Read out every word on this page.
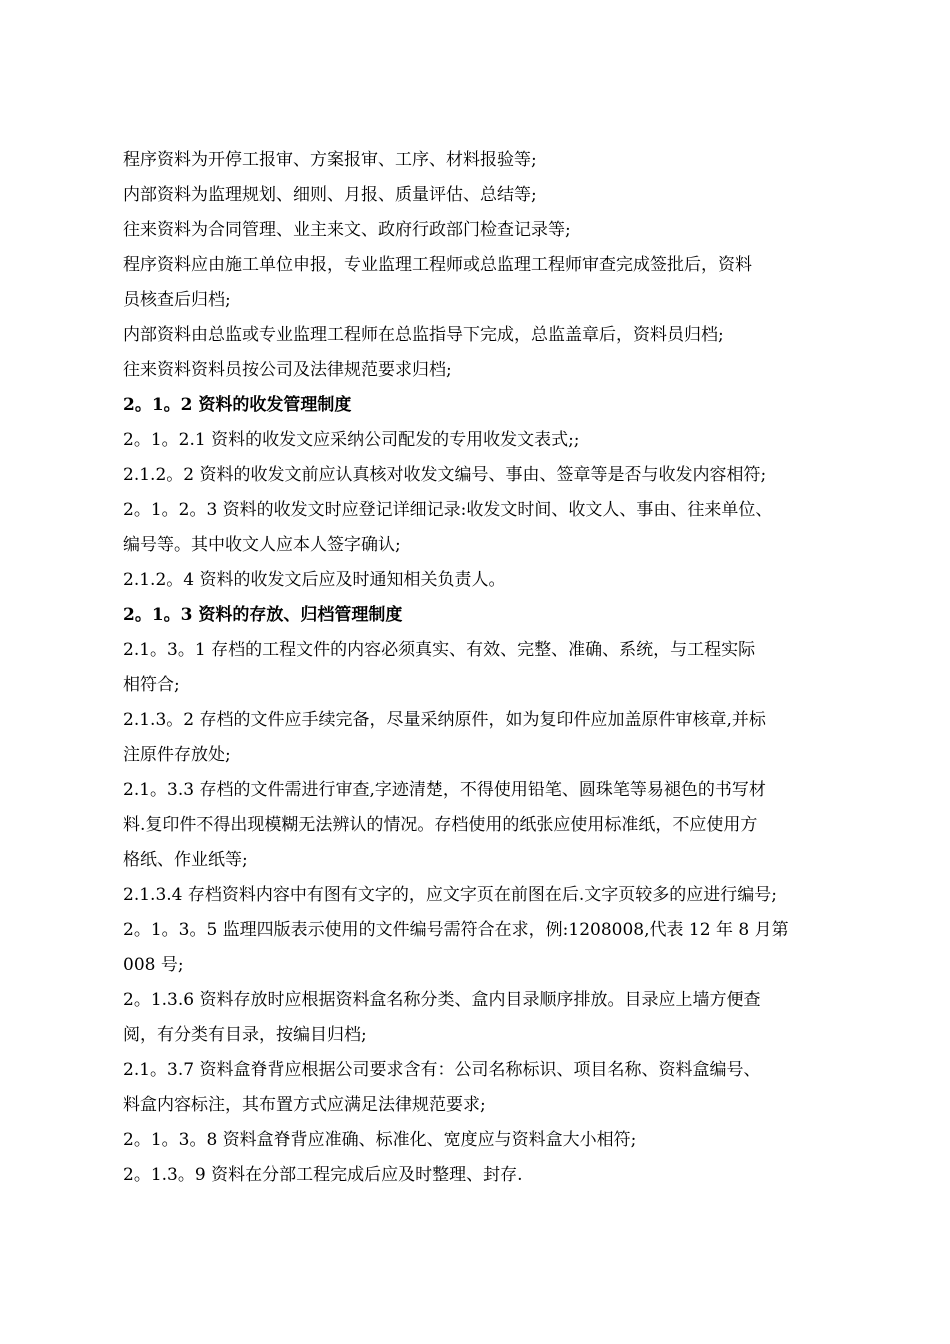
程序资料为开停工报审、方案报审、工序、材料报验等;
内部资料为监理规划、细则、月报、质量评估、总结等;
往来资料为合同管理、业主来文、政府行政部门检查记录等;
程序资料应由施工单位申报，专业监理工程师或总监理工程师审查完成签批后，资料
员核查后归档;
内部资料由总监或专业监理工程师在总监指导下完成，总监盖章后，资料员归档;
往来资料资料员按公司及法律规范要求归档;
2。1。2 资料的收发管理制度
2。1。2.1 资料的收发文应采纳公司配发的专用收发文表式;;
2.1.2。2 资料的收发文前应认真核对收发文编号、事由、签章等是否与收发内容相符;
2。1。2。3 资料的收发文时应登记详细记录:收发文时间、收文人、事由、往来单位、
编号等。其中收文人应本人签字确认;
2.1.2。4 资料的收发文后应及时通知相关负责人。
2。1。3 资料的存放、归档管理制度
2.1。3。1 存档的工程文件的内容必须真实、有效、完整、准确、系统，与工程实际
相符合;
2.1.3。2 存档的文件应手续完备，尽量采纳原件，如为复印件应加盖原件审核章,并标
注原件存放处;
2.1。3.3 存档的文件需进行审查,字迹清楚，不得使用铅笔、圆珠笔等易褪色的书写材
料.复印件不得出现模糊无法辨认的情况。存档使用的纸张应使用标准纸，不应使用方
格纸、作业纸等;
2.1.3.4 存档资料内容中有图有文字的，应文字页在前图在后.文字页较多的应进行编号;
2。1。3。5 监理四版表示使用的文件编号需符合在求，例:1208008,代表 12 年 8 月第
008 号;
2。1.3.6 资料存放时应根据资料盒名称分类、盒内目录顺序排放。目录应上墙方便查
阅，有分类有目录，按编目归档;
2.1。3.7 资料盒脊背应根据公司要求含有：公司名称标识、项目名称、资料盒编号、
料盒内容标注，其布置方式应满足法律规范要求;
2。1。3。8 资料盒脊背应准确、标准化、宽度应与资料盒大小相符;
2。1.3。9 资料在分部工程完成后应及时整理、封存.
